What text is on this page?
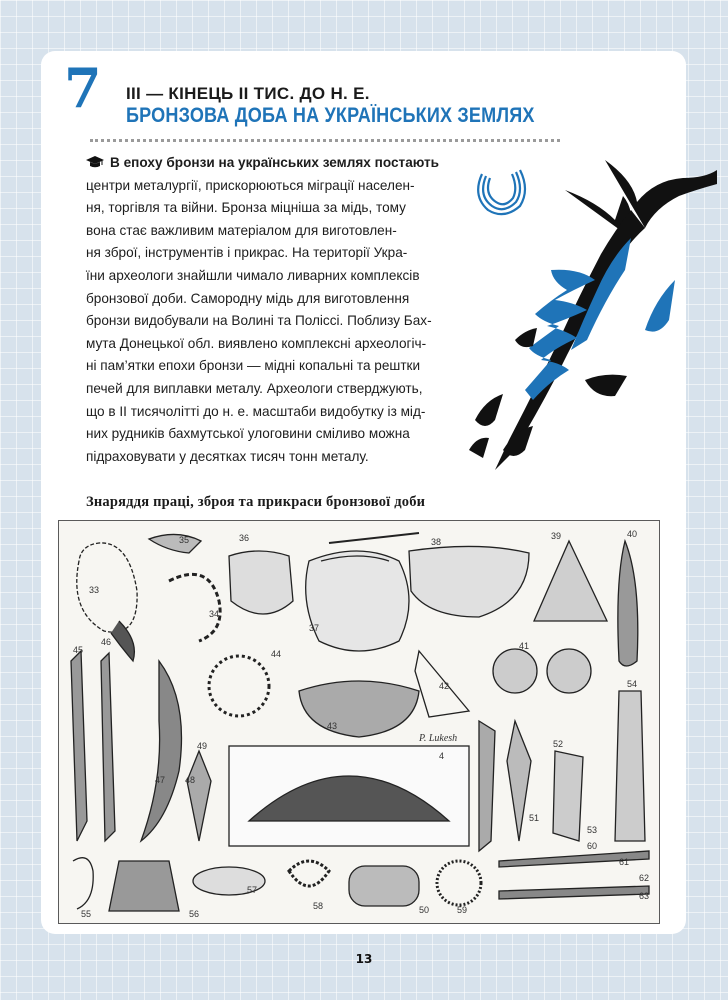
7	III — КІНЕЦЬ II ТИС. ДО Н. Е.
БРОНЗОВА ДОБА НА УКРАЇНСЬКИХ ЗЕМЛЯХ
В епоху бронзи на українських землях постають
центри металургії, прискорюються міграції населен-
ня, торгівля та війни. Бронза міцніша за мідь, тому
вона стає важливим матеріалом для виготовлен-
ня зброї, інструментів і прикрас. На території Укра-
їни археологи знайшли чимало ливарних комплексів
бронзової доби. Самородну мідь для виготовлення
бронзи видобували на Волині та Поліссі. Поблизу Бах-
мута Донецької обл. виявлено комплексні археологіч-
ні пам’ятки епохи бронзи — мідні копальні та рештки
печей для виплавки металу. Археологи стверджують,
що в II тисячолітті до н. е. масштаби видобутку із мід-
них рудників бахмутської улоговини сміливо можна
підраховувати у десятках тисяч тонн металу.
Знаряддя праці, зброя та прикраси бронзової доби
33
34
35	36
37
38
39	40
41
42
43
44
45
46
47 48
49
4
50
51
52
53
54
55	56
57
58	59
60
61
62
63
P. Lukesh
13
